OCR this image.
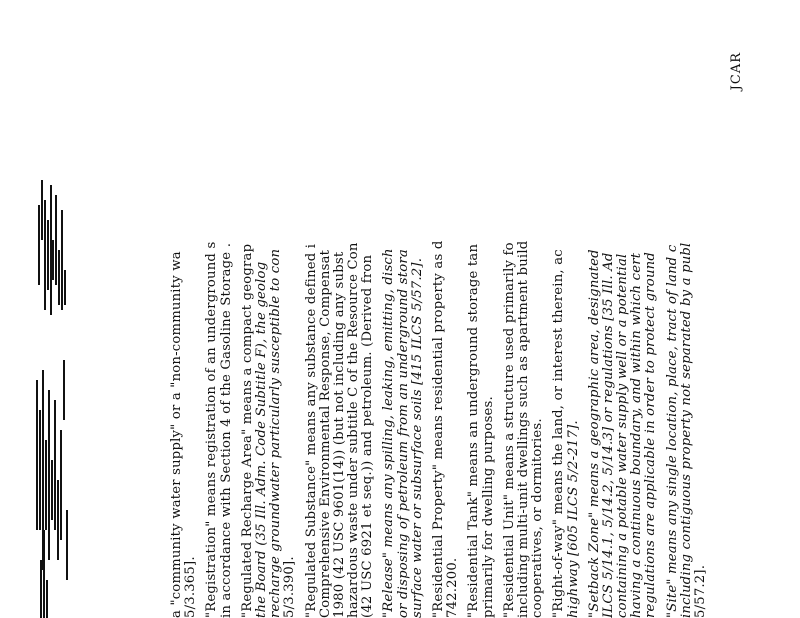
a "community water supply" or a "non-community wa 5/3.365]. "Registration" means registration of an underground s in accordance with Section 4 of the Gasoline Storage . "Regulated Recharge Area" means a compact geograp the Board (35 Ill. Adm. Code Subtitle F), the geolog recharge groundwater particularly susceptible to con 5/3.390]. "Regulated Substance" means any substance defined i Comprehensive Environmental Response, Compensat 1980 (42 USC 9601(14)) (but not including any subst hazardous waste under subtitle C of the Resource Con (42 USC 6921 et seq.)) and petroleum. (Derived fron "Release" means any spilling, leaking, emitting, disch or disposing of petroleum from an underground stora surface water or subsurface soils [415 ILCS 5/57.2]. "Residential Property" means residential property as d 742.200. "Residential Tank" means an underground storage tan primarily for dwelling purposes. "Residential Unit" means a structure used primarily fo including multi-unit dwellings such as apartment build cooperatives, or dormitories. "Right-of-way" means the land, or interest therein, ac highway [605 ILCS 5/2-217]. "Setback Zone" means a geographic area, designated ILCS 5/14.1, 5/14.2, 5/14.3] or regulations [35 Ill. Ad containing a potable water supply well or a potential having a continuous boundary, and within which cert regulations are applicable in order to protect ground "Site" means any single location, place, tract of land c including contiguous property not separated by a publ 5/57.2].
JCAR
